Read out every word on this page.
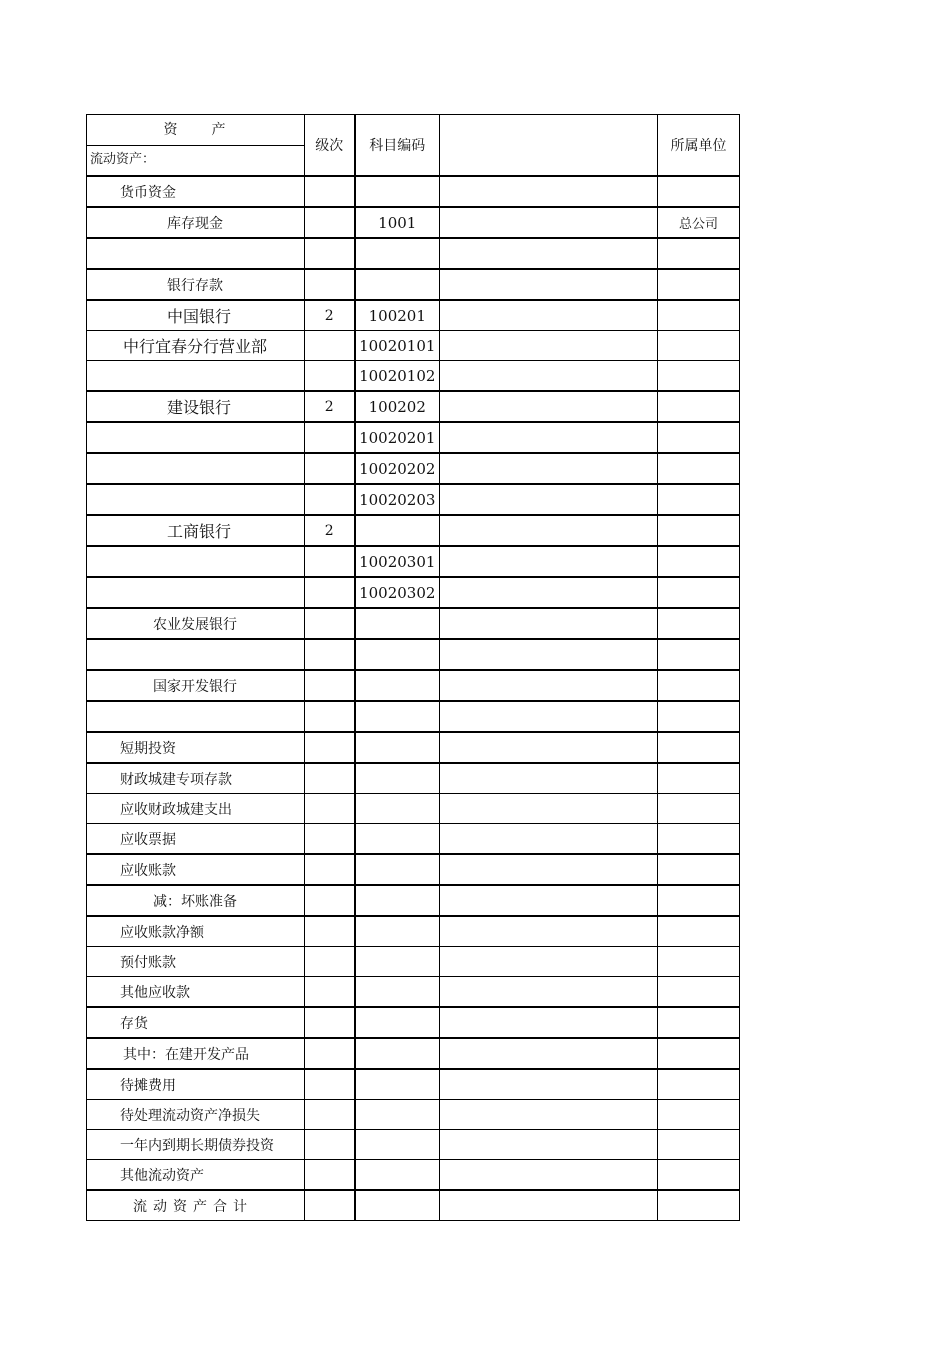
资　　产
流动资产：	级次	科目编码		所属单位

货币资金				

库存现金		1001		总公司

银行存款				

中国银行	2	100201		

中行宜春分行营业部		10020101		

		10020102		

建设银行	2	100202		

		10020201		

		10020202		

		10020203		

工商银行	2			

		10020301		

		10020302		

农业发展银行				

国家开发银行				

短期投资				

财政城建专项存款				

应收财政城建支出				

应收票据				

应收账款				

减：坏账准备				

应收账款净额				

预付账款				

其他应收款				

存货				

其中：在建开发产品				

待摊费用				

待处理流动资产净损失				

一年内到期长期债券投资				

其他流动资产				

流动资产合计				
